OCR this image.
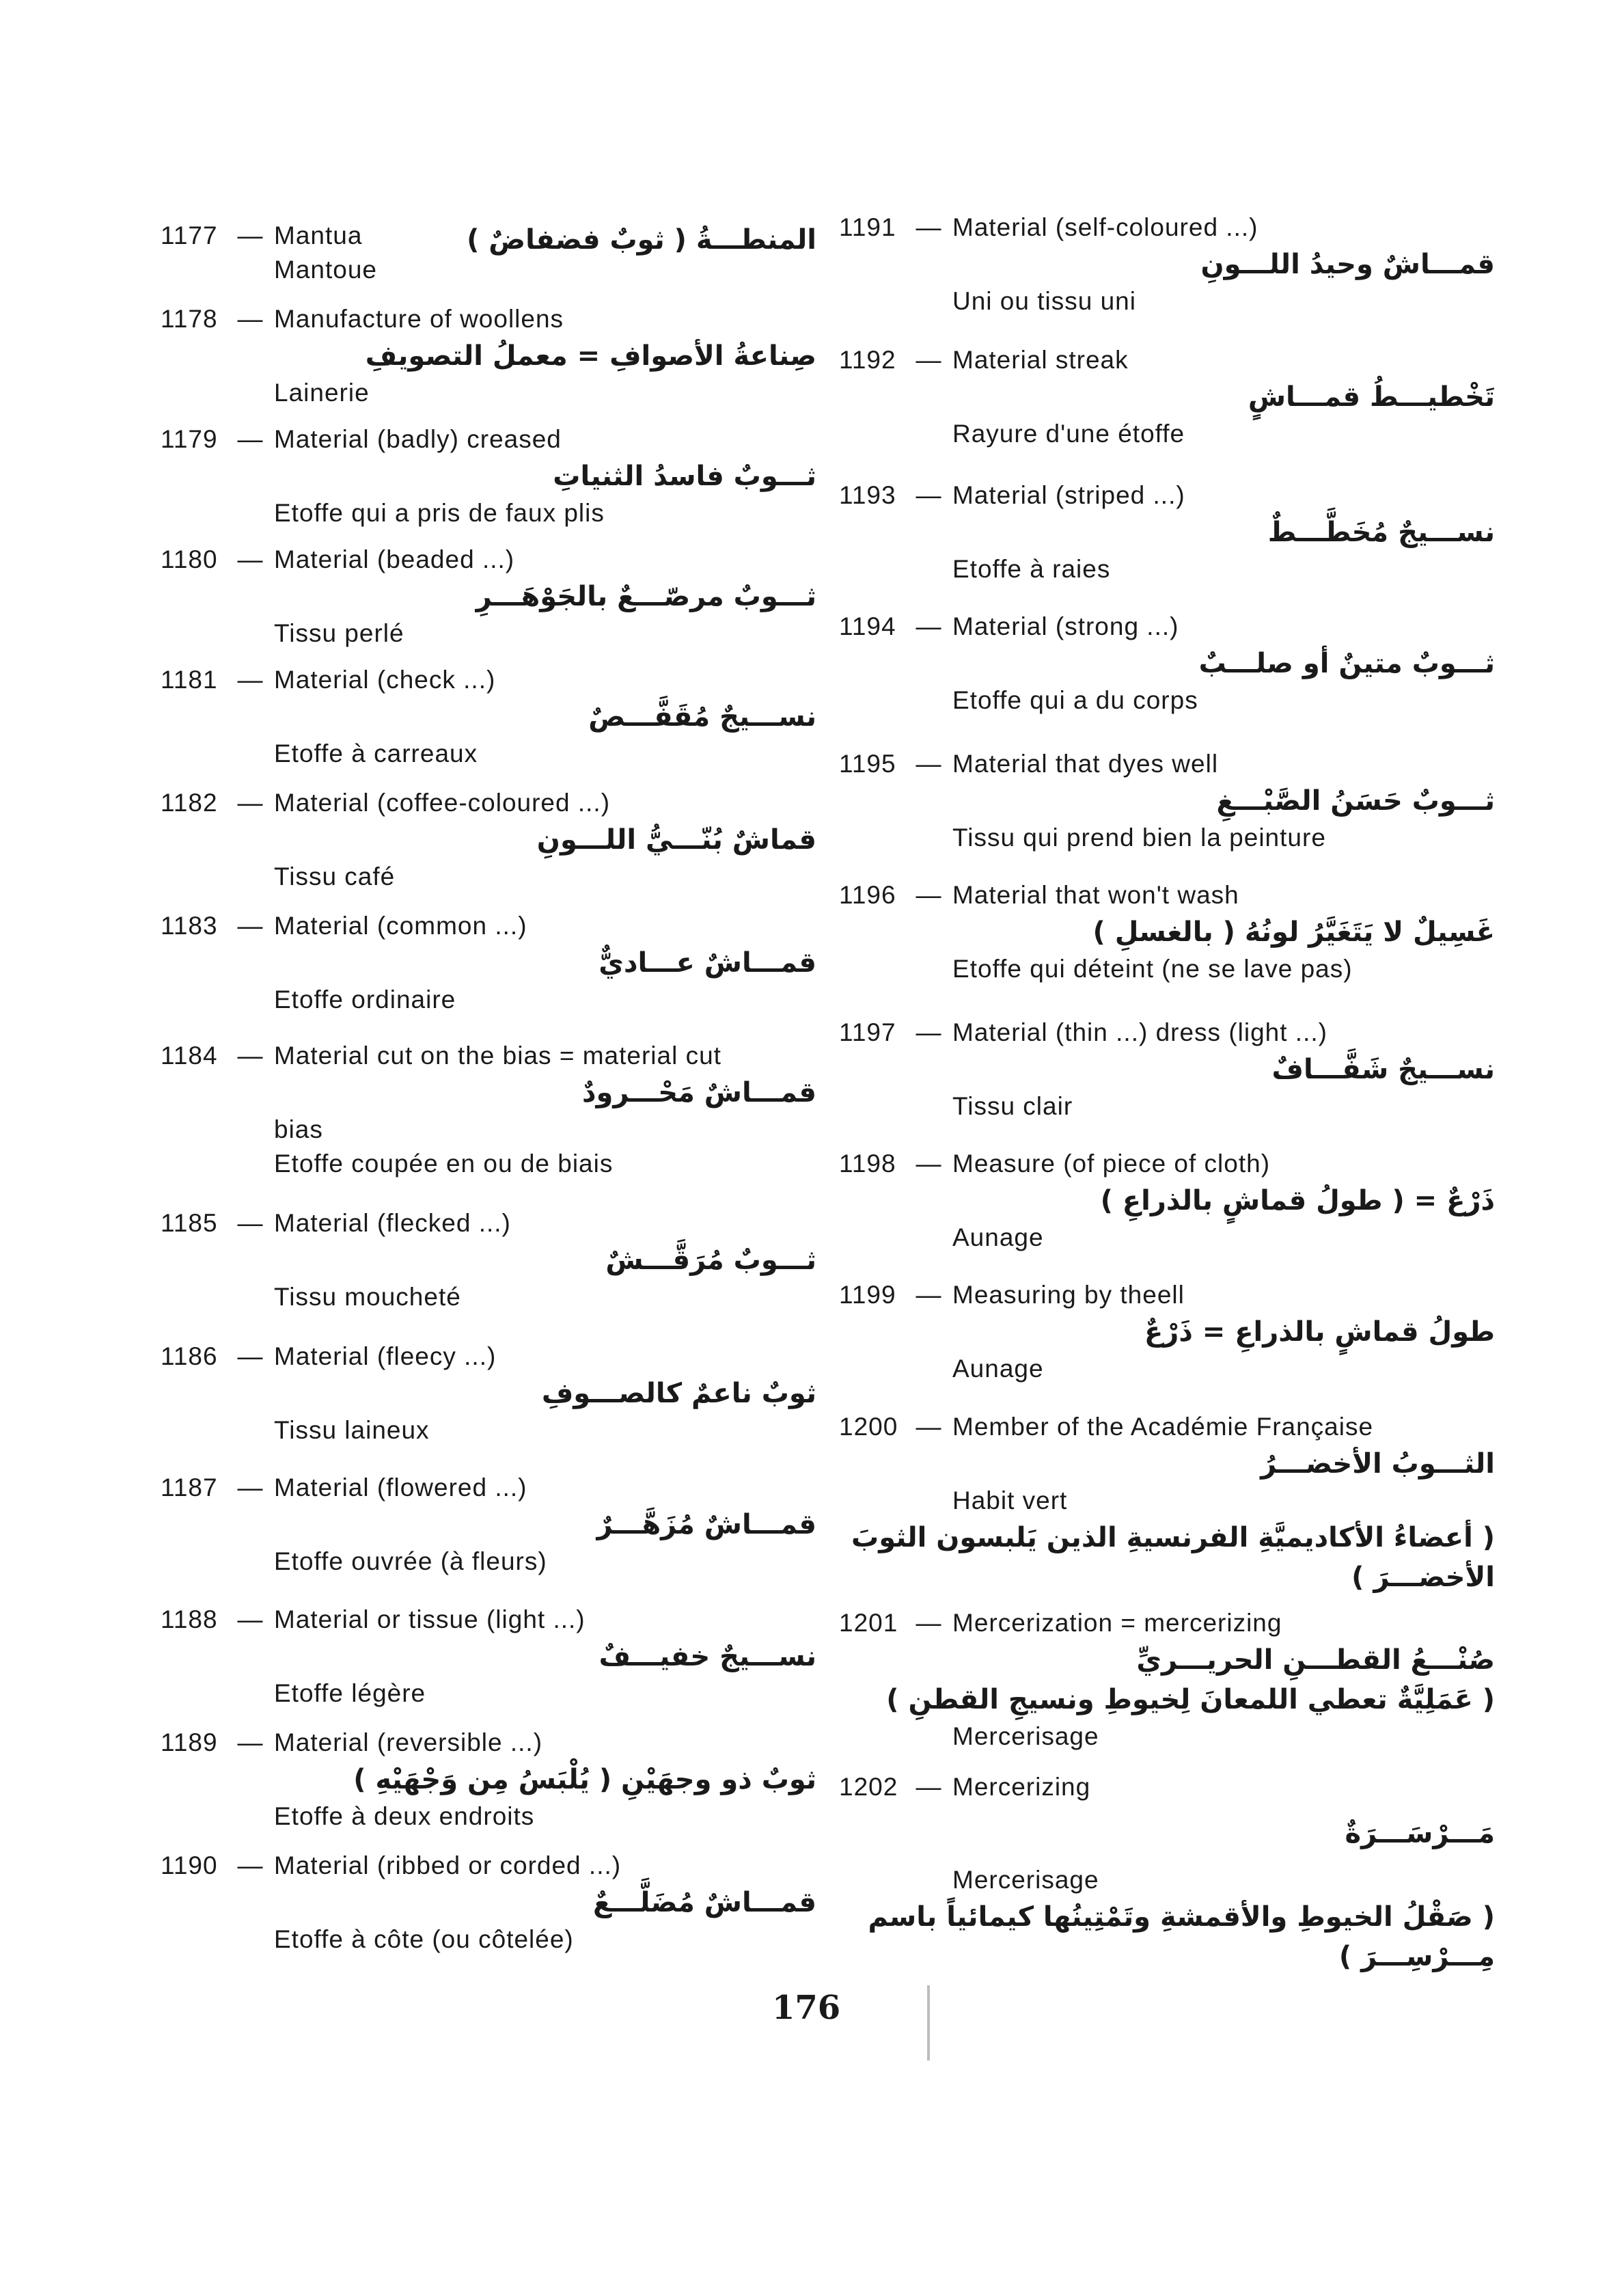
1177 — Mantua	المنطـــةُ ( ثوبٌ فضفاضٌ )
Mantoue
1178 — Manufacture of woollens
صِناعةُ الأصوافِ = معملُ التصويفِ
Lainerie
1179 — Material (badly) creased
ثـــوبٌ فاسدُ الثنياتِ
Etoffe qui a pris de faux plis
1180 — Material (beaded ...)
ثـــوبٌ مرصّـــعٌ بالجَوْهَـــرِ
Tissu perlé
1181 — Material (check ...)
نســـيجٌ مُقَفَّـــصٌ
Etoffe à carreaux
1182 — Material (coffee-coloured ...)
قماشٌ بُنّـــيُّ اللـــونِ
Tissu café
1183 — Material (common ...)
قمـــاشٌ عـــاديٌّ
Etoffe ordinaire
1184 — Material cut on the bias = material cut
قمـــاشٌ مَحْـــرودٌ
bias
Etoffe coupée en ou de biais
1185 — Material (flecked ...)
ثـــوبٌ مُرَقَّـــشٌ
Tissu moucheté
1186 — Material (fleecy ...)
ثوبٌ ناعمٌ كالصـــوفِ
Tissu laineux
1187 — Material (flowered ...)
قمـــاشٌ مُزَهَّـــرٌ
Etoffe ouvrée (à fleurs)
1188 — Material or tissue (light ...)
نســـيجٌ خفيـــفٌ
Etoffe légère
1189 — Material (reversible ...)
ثوبٌ ذو وجهَيْنِ ( يُلْبَسُ مِن وَجْهَيْهِ )
Etoffe à deux endroits
1190 — Material (ribbed or corded ...)
قمـــاشٌ مُضَلَّـــعٌ
Etoffe à côte (ou côtelée)
1191 — Material (self-coloured ...)
قمـــاشٌ وحيدُ اللـــونِ
Uni ou tissu uni
1192 — Material streak
تَخْطيـــطُ قمـــاشٍ
Rayure d'une étoffe
1193 — Material (striped ...)
نســـيجٌ مُخَطَّـــطٌ
Etoffe à raies
1194 — Material (strong ...)
ثـــوبٌ متينٌ أو صلـــبٌ
Etoffe qui a du corps
1195 — Material that dyes well
ثـــوبٌ حَسَنُ الصَّبْـــغِ
Tissu qui prend bien la peinture
1196 — Material that won't wash
غَسِيلٌ لا يَتَغَيَّرُ لونُهُ ( بالغسلِ )
Etoffe qui déteint (ne se lave pas)
1197 — Material (thin ...) dress (light ...)
نســـيجٌ شَفَّـــافٌ
Tissu clair
1198 — Measure (of piece of cloth)
ذَرْعٌ = ( طولُ قماشٍ بالذراعِ )
Aunage
1199 — Measuring by theell
طولُ قماشٍ بالذراعِ = ذَرْعٌ
Aunage
1200 — Member of the Académie Française
الثـــوبُ الأخضـــرُ
Habit vert
( أعضاءُ الأكاديميَّةِ الفرنسيةِ الذين يَلبسون الثوبَ الأخضـــرَ )
1201 — Mercerization = mercerizing
صُنْـــعُ القطـــنِ الحريـــريِّ
( عَمَلِيَّةٌ تعطي اللمعانَ لِخيوطِ ونسيجِ القطنِ )
Mercerisage
1202 — Mercerizing
مَـــرْسَـــرَةٌ
Mercerisage
( صَقْلُ الخيوطِ والأقمشةِ وتَمْتِينُها كيمائياً باسم مِـــرْسِـــرَ )
176
